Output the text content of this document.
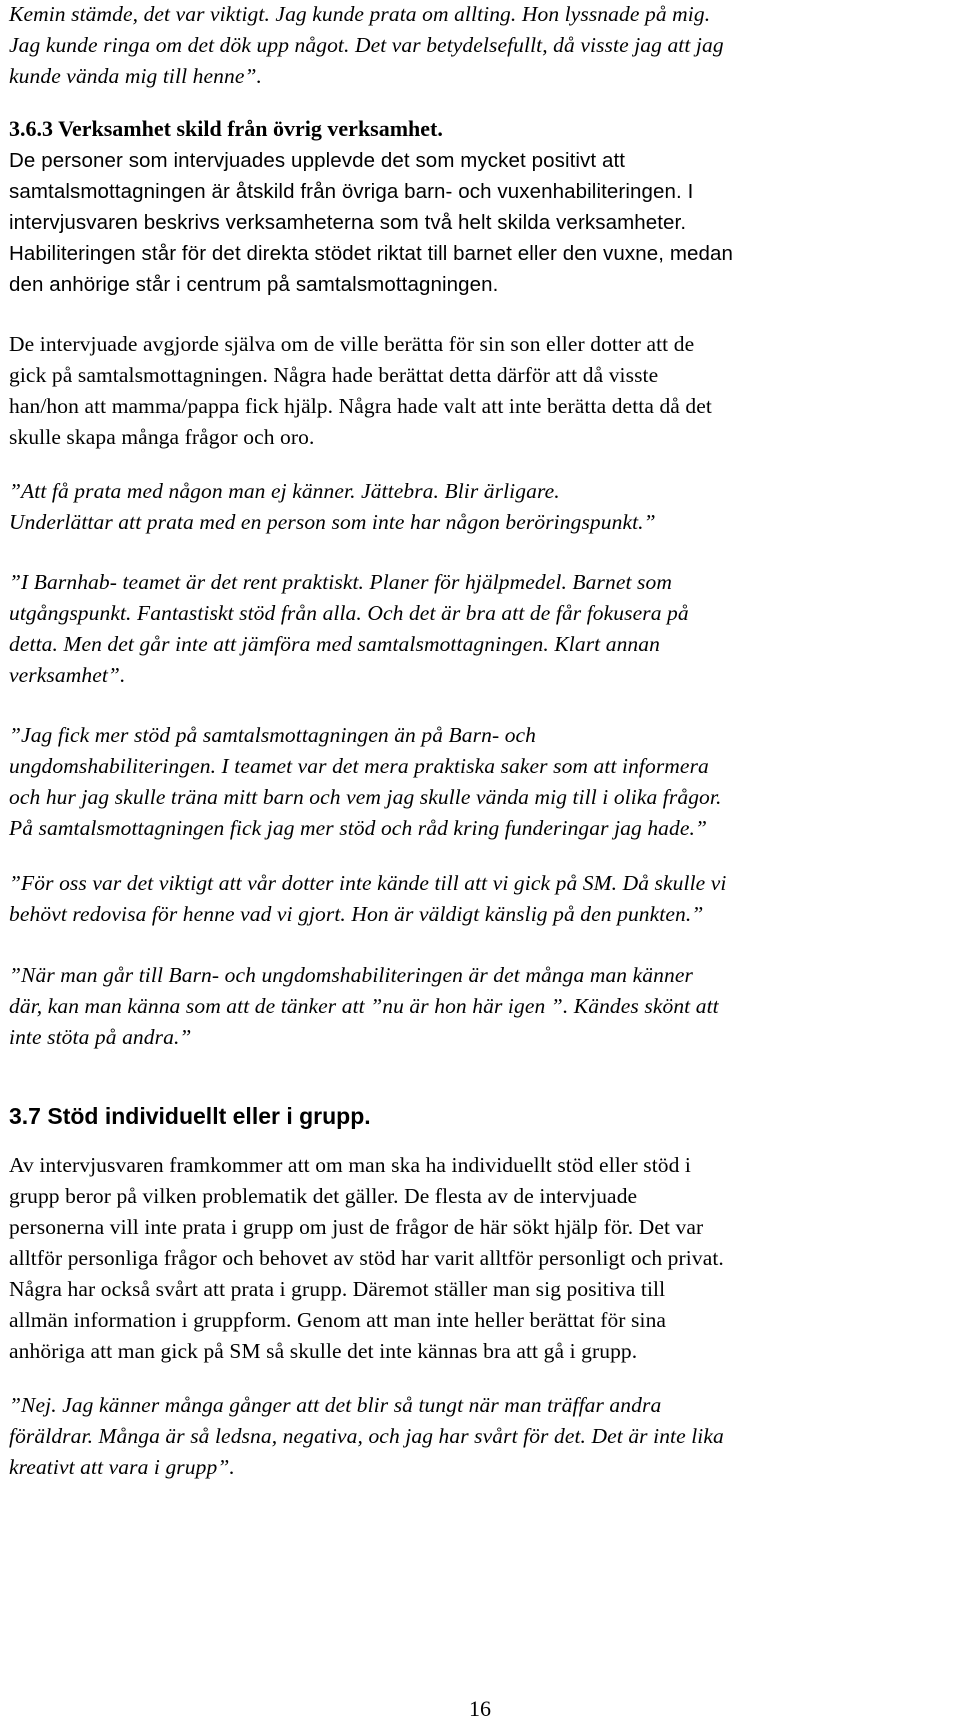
Kemin stämde, det var viktigt. Jag kunde prata om allting. Hon lyssnade på mig.
Jag kunde ringa om det dök upp något. Det var betydelsefullt, då visste jag att jag
kunde vända mig till henne”.
3.6.3 Verksamhet skild från övrig verksamhet.
De personer som intervjuades upplevde det som mycket positivt att
samtalsmottagningen är åtskild från övriga barn- och vuxenhabiliteringen. I
intervjusvaren beskrivs verksamheterna som två helt skilda verksamheter.
Habiliteringen står för det direkta stödet riktat till barnet eller den vuxne, medan
den anhörige står i centrum på samtalsmottagningen.
De intervjuade avgjorde själva om de ville berätta för sin son eller dotter att de
gick på samtalsmottagningen. Några hade berättat detta därför att då visste
han/hon att mamma/pappa fick hjälp. Några hade valt att inte berätta detta då det
skulle skapa många frågor och oro.
”Att få prata med någon man ej känner. Jättebra. Blir ärligare.
Underlättar att prata med en person som inte har någon beröringspunkt.”
”I Barnhab- teamet är det rent praktiskt. Planer för hjälpmedel. Barnet som
utgångspunkt. Fantastiskt stöd från alla. Och det är bra att de får fokusera på
detta. Men det går inte att jämföra med samtalsmottagningen. Klart annan
verksamhet”.
”Jag fick mer stöd på samtalsmottagningen än på Barn- och
ungdomshabiliteringen. I teamet var det mera praktiska saker som att informera
och hur jag skulle träna mitt barn och vem jag skulle vända mig till i olika frågor.
På samtalsmottagningen fick jag mer stöd och råd kring funderingar jag hade.”
”För oss var det viktigt att vår dotter inte kände till att vi gick på SM. Då skulle vi
behövt redovisa för henne vad vi gjort. Hon är väldigt känslig på den punkten.”
”När man går till Barn- och ungdomshabiliteringen är det många man känner
där, kan man känna som att de tänker att ”nu är hon här igen ”. Kändes skönt att
inte stöta på andra.”
3.7 Stöd individuellt eller i grupp.
Av intervjusvaren framkommer att om man ska ha individuellt stöd eller stöd i
grupp beror på vilken problematik det gäller. De flesta av de intervjuade
personerna vill inte prata i grupp om just de frågor de här sökt hjälp för. Det var
alltför personliga frågor och behovet av stöd har varit alltför personligt och privat.
Några har också svårt att prata i grupp. Däremot ställer man sig positiva till
allmän information i gruppform. Genom att man inte heller berättat för sina
anhöriga att man gick på SM så skulle det inte kännas bra att gå i grupp.
”Nej. Jag känner många gånger att det blir så tungt när man träffar andra
föräldrar. Många är så ledsna, negativa, och jag har svårt för det. Det är inte lika
kreativt att vara i grupp”.
16
